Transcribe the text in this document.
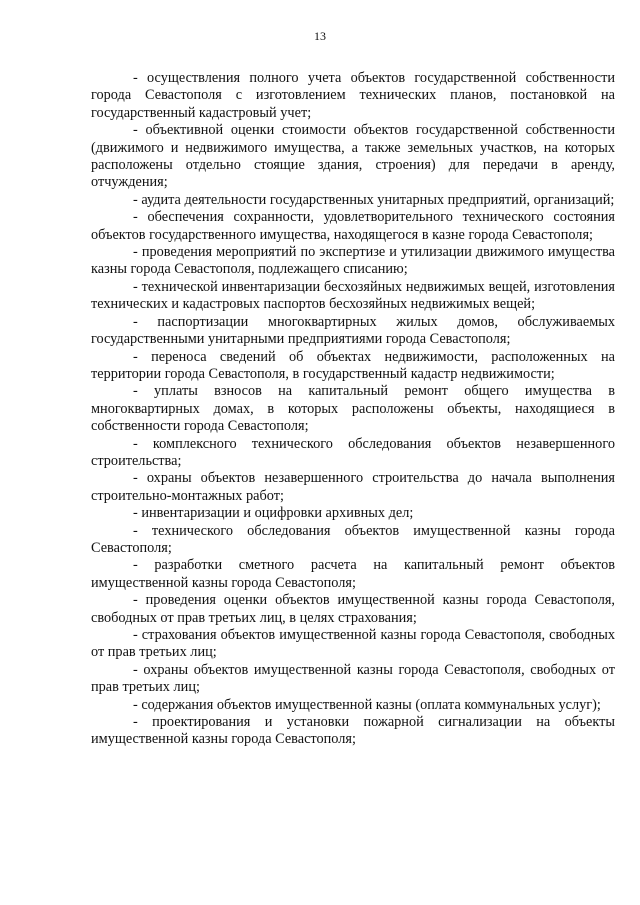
13

- осуществления полного учета объектов государственной собственности города Севастополя с изготовлением технических планов, постановкой на государственный кадастровый учет;

- объективной оценки стоимости объектов государственной собственности (движимого и недвижимого имущества, а также земельных участков, на которых расположены отдельно стоящие здания, строения) для передачи в аренду, отчуждения;

- аудита деятельности государственных унитарных предприятий, организаций;

- обеспечения сохранности, удовлетворительного технического состояния объектов государственного имущества, находящегося в казне города Севастополя;

- проведения мероприятий по экспертизе и утилизации движимого имущества казны города Севастополя, подлежащего списанию;

- технической инвентаризации бесхозяйных недвижимых вещей, изготовления технических и кадастровых паспортов бесхозяйных недвижимых вещей;

- паспортизации многоквартирных жилых домов, обслуживаемых государственными унитарными предприятиями города Севастополя;

- переноса сведений об объектах недвижимости, расположенных на территории города Севастополя, в государственный кадастр недвижимости;

- уплаты взносов на капитальный ремонт общего имущества в многоквартирных домах, в которых расположены объекты, находящиеся в собственности города Севастополя;

- комплексного технического обследования объектов незавершенного строительства;

- охраны объектов незавершенного строительства до начала выполнения строительно-монтажных работ;

- инвентаризации и оцифровки архивных дел;

- технического обследования объектов имущественной казны города Севастополя;

- разработки сметного расчета на капитальный ремонт объектов имущественной казны города Севастополя;

- проведения оценки объектов имущественной казны города Севастополя, свободных от прав третьих лиц, в целях страхования;

- страхования объектов имущественной казны города Севастополя, свободных от прав третьих лиц;

- охраны объектов имущественной казны города Севастополя, свободных от прав третьих лиц;

- содержания объектов имущественной казны (оплата коммунальных услуг);

- проектирования и установки пожарной сигнализации на объекты имущественной казны города Севастополя;
